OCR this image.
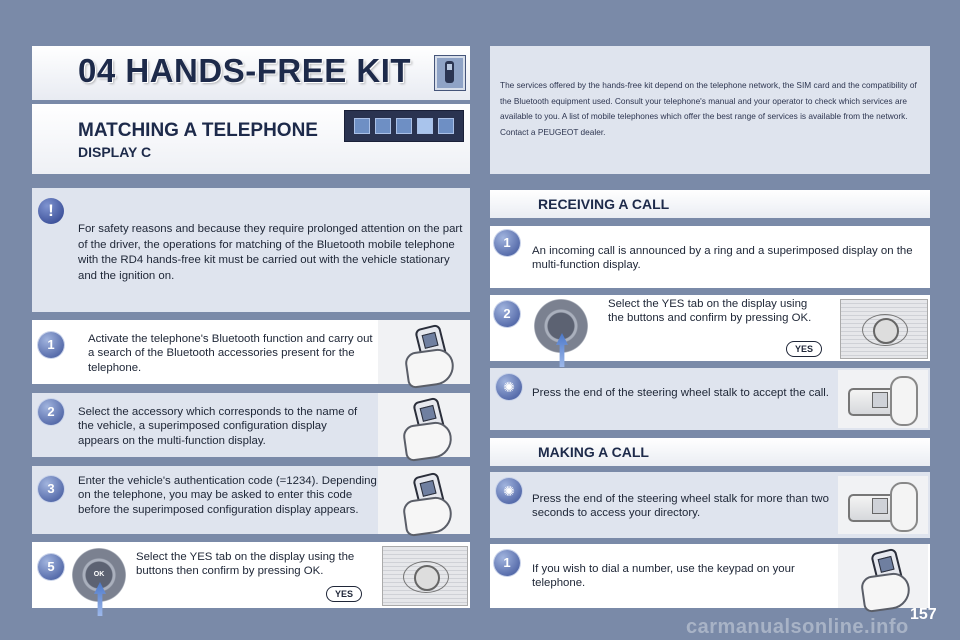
04 HANDS-FREE KIT
MATCHING A TELEPHONE
DISPLAY C
The services offered by the hands-free kit depend on the telephone network, the SIM card and the compatibility of the Bluetooth equipment used. Consult your telephone's manual and your operator to check which services are available to you. A list of mobile telephones which offer the best range of services is available from the network. Contact a PEUGEOT dealer.
!
For safety reasons and because they require prolonged attention on the part of the driver, the operations for matching of the Bluetooth mobile telephone with the RD4 hands-free kit must be carried out with the vehicle stationary and the ignition on.
1	Activate the telephone's Bluetooth function and carry out a search of the Bluetooth accessories present for the telephone.
2	Select the accessory which corresponds to the name of the vehicle, a superimposed configuration display appears on the multi-function display.
3	Enter the vehicle's authentication code (=1234). Depending on the telephone, you may be asked to enter this code before the superimposed configuration display appears.
5
OK
Select the YES tab on the display using the buttons then confirm by pressing OK.
YES
RECEIVING A CALL
1
An incoming call is announced by a ring and a superimposed display on the multi-function display.
2
Select the YES tab on the display using the buttons and confirm by pressing OK.
YES
✺
Press the end of the steering wheel stalk to accept the call.
MAKING A CALL
✺
Press the end of the steering wheel stalk for more than two seconds to access your directory.
1	If you wish to dial a number, use the keypad on your telephone.
157
carmanualsonline.info
